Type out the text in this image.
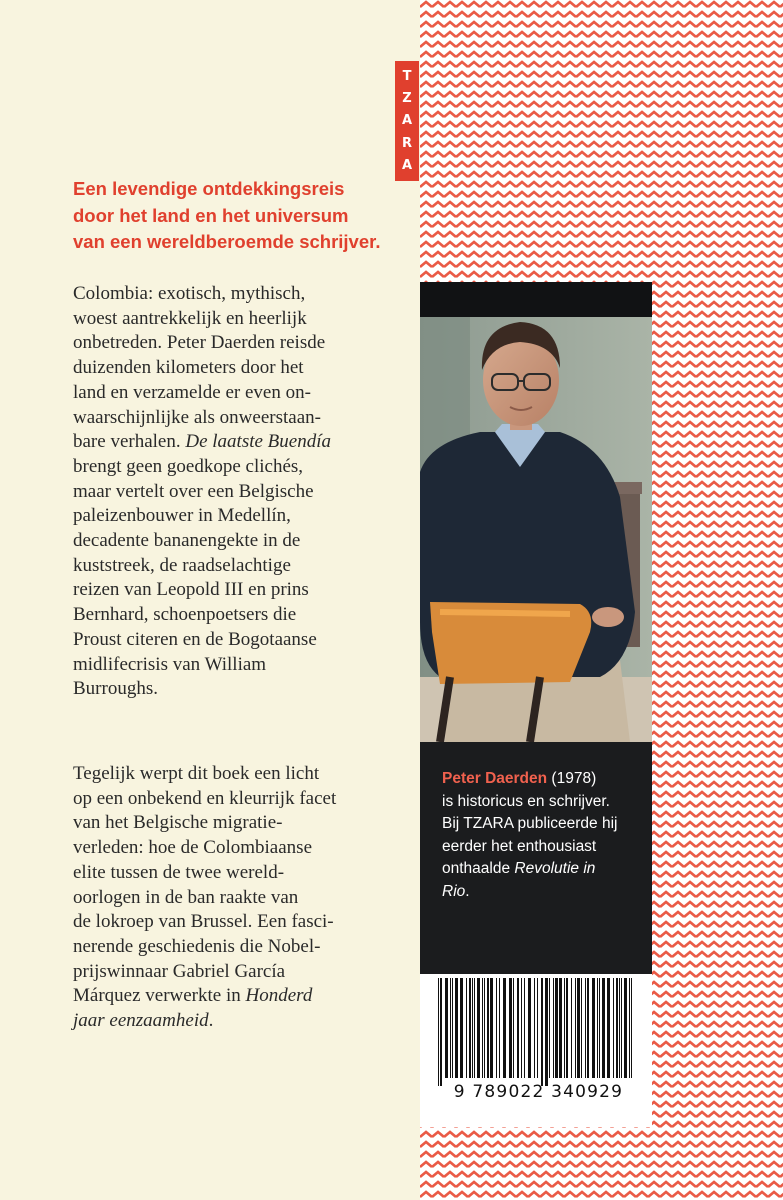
T
Z
A
R
A

Een levendige ontdekkingsreis
door het land en het universum
van een wereldberoemde schrijver.

Colombia: exotisch, mythisch,
woest aantrekkelijk en heerlijk
onbetreden. Peter Daerden reisde
duizenden kilometers door het
land en verzamelde er even on-
waarschijnlijke als onweerstaan-
bare verhalen. De laatste Buendía
brengt geen goedkope clichés,
maar vertelt over een Belgische
paleizenbouwer in Medellín,
decadente bananengekte in de
kuststreek, de raadselachtige
reizen van Leopold III en prins
Bernhard, schoenpoetsers die
Proust citeren en de Bogotaanse
midlifecrisis van William
Burroughs.

Tegelijk werpt dit boek een licht
op een onbekend en kleurrijk facet
van het Belgische migratie-
verleden: hoe de Colombiaanse
elite tussen de twee wereld-
oorlogen in de ban raakte van
de lokroep van Brussel. Een fasci-
nerende geschiedenis die Nobel-
prijswinnaar Gabriel García
Márquez verwerkte in Honderd
jaar eenzaamheid.

Peter Daerden (1978)
is historicus en schrijver.
Bij TZARA publiceerde hij
eerder het enthousiast
onthaalde Revolutie in
Rio.

9 789022 340929
